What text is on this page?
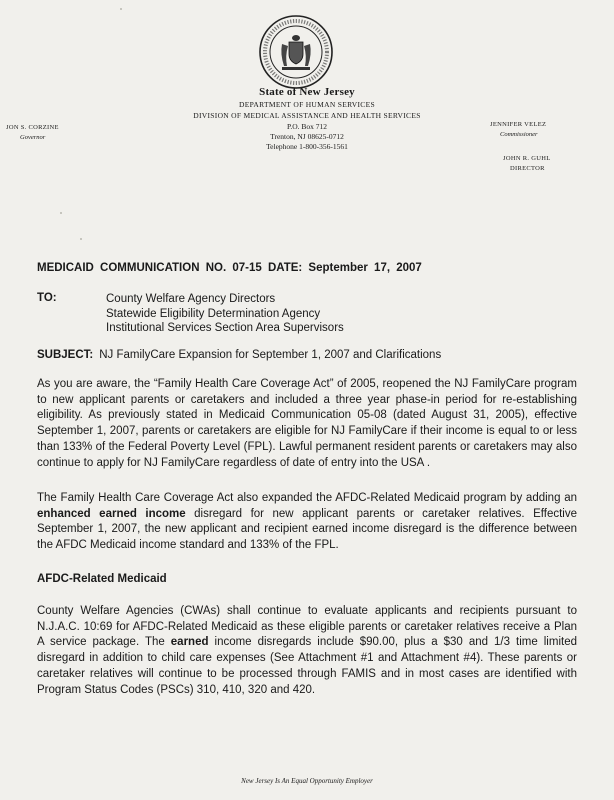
State of New Jersey
DEPARTMENT OF HUMAN SERVICES
DIVISION OF MEDICAL ASSISTANCE AND HEALTH SERVICES
P.O. Box 712
Trenton, NJ 08625-0712
Telephone 1-800-356-1561
JON S. CORZINE
Governor
JENNIFER VELEZ
Commissioner
JOHN R. GUHL
DIRECTOR
MEDICAID COMMUNICATION NO. 07-15 DATE: September 17, 2007
TO:	County Welfare Agency Directors
Statewide Eligibility Determination Agency
Institutional Services Section Area Supervisors
SUBJECT: NJ FamilyCare Expansion for September 1, 2007 and Clarifications
As you are aware, the “Family Health Care Coverage Act” of 2005, reopened the NJ FamilyCare program to new applicant parents or caretakers and included a three year phase-in period for re-establishing eligibility. As previously stated in Medicaid Communication 05-08 (dated August 31, 2005), effective September 1, 2007, parents or caretakers are eligible for NJ FamilyCare if their income is equal to or less than 133% of the Federal Poverty Level (FPL). Lawful permanent resident parents or caretakers may also continue to apply for NJ FamilyCare regardless of date of entry into the USA .
The Family Health Care Coverage Act also expanded the AFDC-Related Medicaid program by adding an enhanced earned income disregard for new applicant parents or caretaker relatives. Effective September 1, 2007, the new applicant and recipient earned income disregard is the difference between the AFDC Medicaid income standard and 133% of the FPL.
AFDC-Related Medicaid
County Welfare Agencies (CWAs) shall continue to evaluate applicants and recipients pursuant to N.J.A.C. 10:69 for AFDC-Related Medicaid as these eligible parents or caretaker relatives receive a Plan A service package. The earned income disregards include $90.00, plus a $30 and 1/3 time limited disregard in addition to child care expenses (See Attachment #1 and Attachment #4). These parents or caretaker relatives will continue to be processed through FAMIS and in most cases are identified with Program Status Codes (PSCs) 310, 410, 320 and 420.
New Jersey Is An Equal Opportunity Employer
